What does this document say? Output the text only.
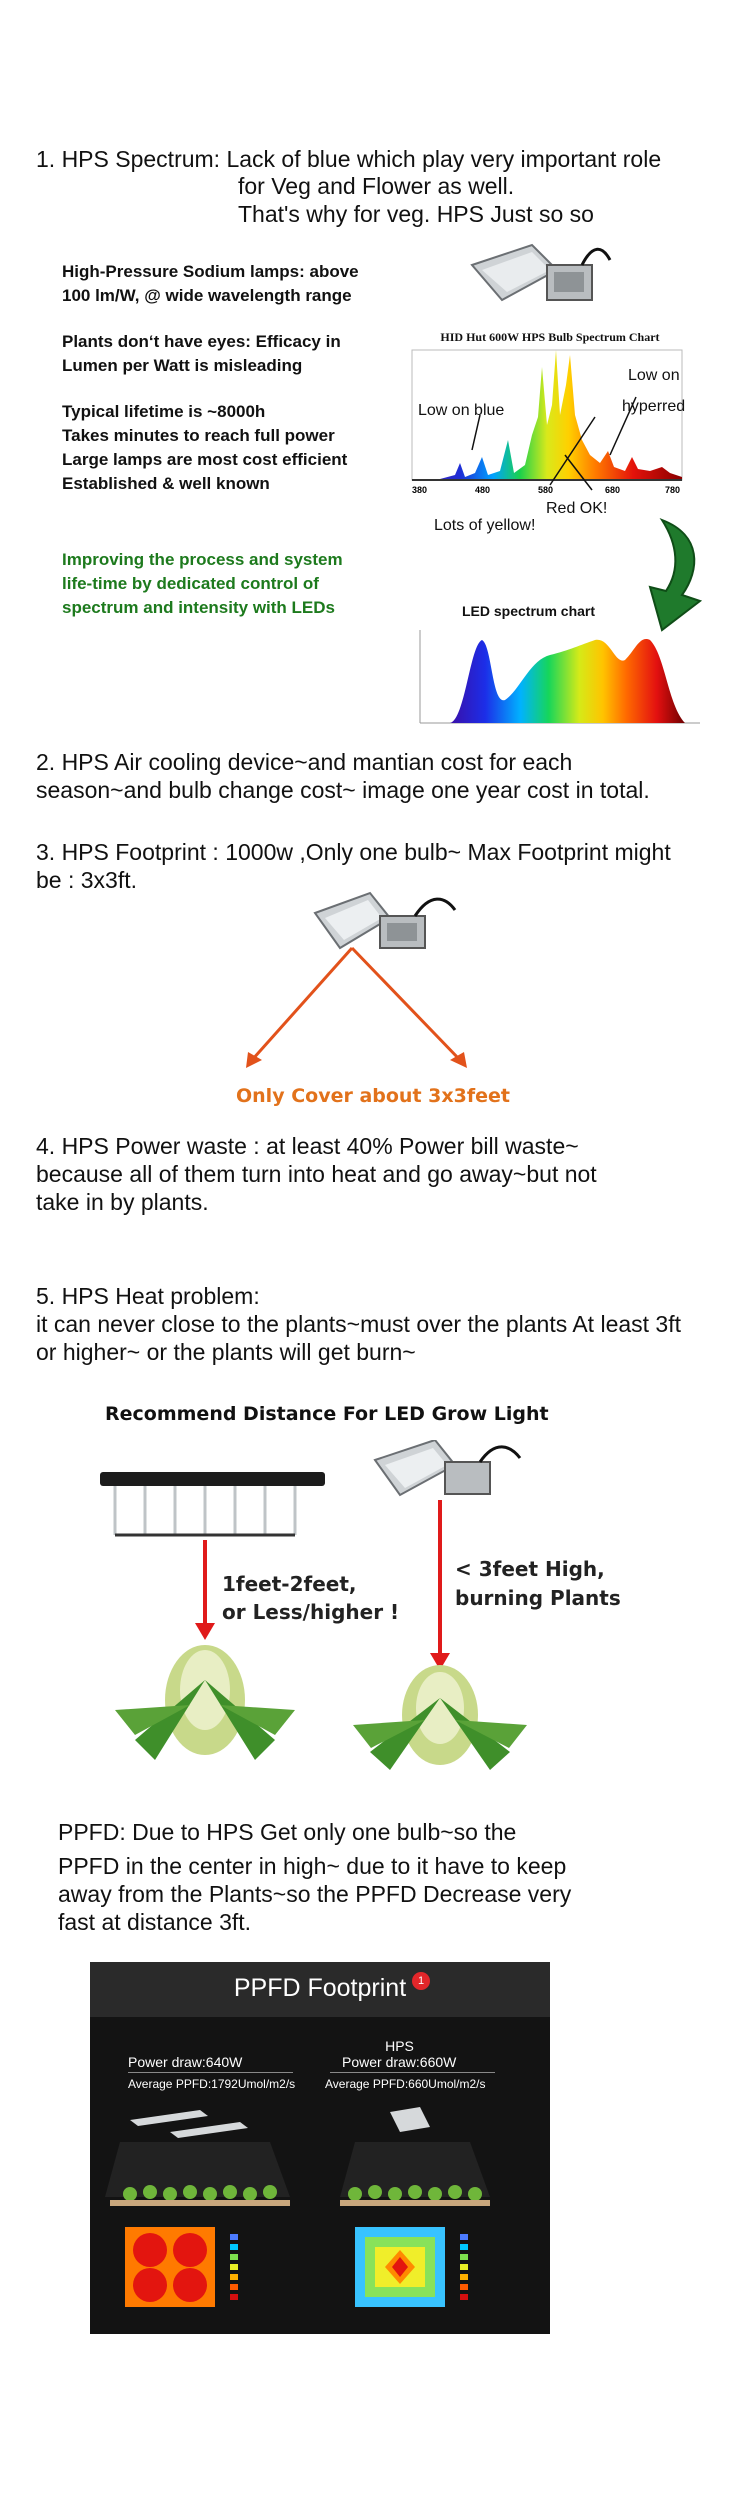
1. HPS Spectrum: Lack of blue which play very important role
for Veg and Flower as well.
That's why for veg. HPS Just so so
High-Pressure Sodium lamps: above
100 lm/W, @ wide wavelength range
Plants don‘t have eyes: Efficacy in
Lumen per Watt is misleading
Typical lifetime is ~8000h
Takes minutes to reach full power
Large lamps are most cost efficient
Established & well known
Improving the process and system
life-time by dedicated control of
spectrum and intensity with LEDs
HID Hut 600W HPS Bulb Spectrum Chart
380	480	580	680	780
Low on blue
Low on
hyperred
Red OK!
Lots of yellow!
LED spectrum chart
2. HPS Air cooling device~and mantian cost for each
season~and bulb change cost~ image one year cost in total.
3. HPS Footprint : 1000w ,Only one bulb~ Max Footprint might
be : 3x3ft.
Only Cover about 3x3feet
4. HPS Power waste : at least 40% Power bill waste~
because all of them turn into heat and go away~but not
take in by plants.
5. HPS Heat problem:
it can never close to the plants~must over the plants At least 3ft
or higher~ or the plants will get burn~
Recommend Distance For LED Grow Light
1feet-2feet,
or Less/higher !
< 3feet High,
burning Plants
PPFD: Due to HPS Get only one bulb~so the
PPFD in the center in high~ due to it have to keep
away from the Plants~so the PPFD Decrease very
fast at distance 3ft.
PPFD Footprint	1
Power draw:640W
Average PPFD:1792Umol/m2/s
HPS
Power draw:660W
Average PPFD:660Umol/m2/s
